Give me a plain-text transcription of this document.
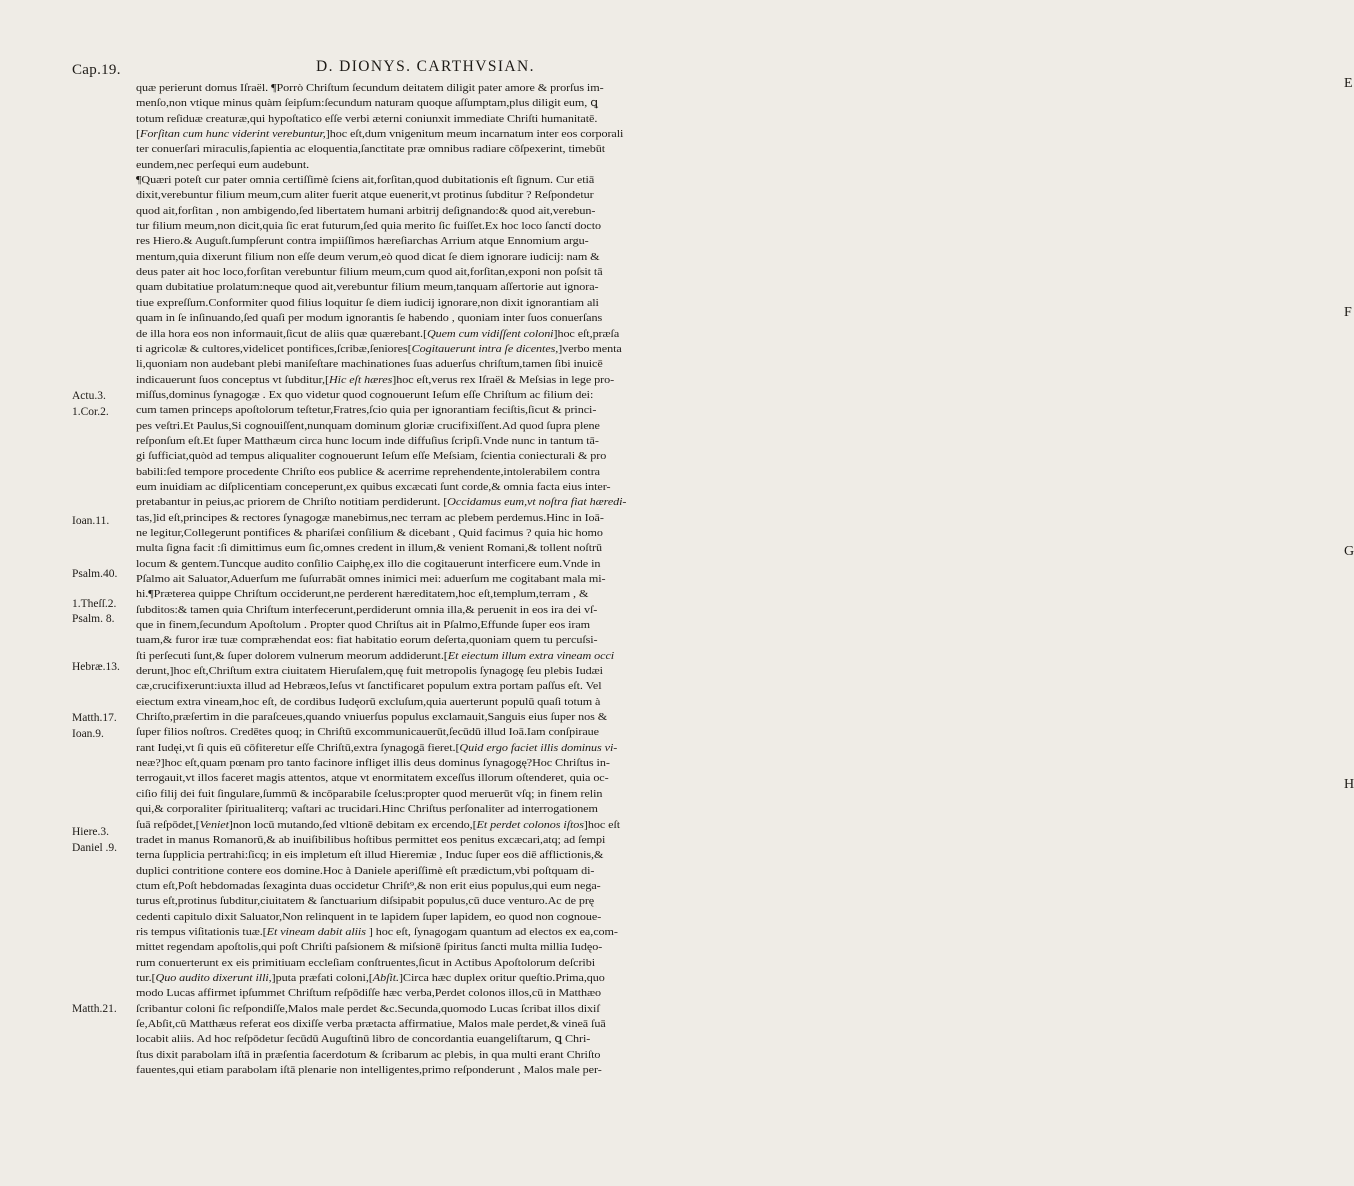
Cap.19.	D. DIONYS. CARTHVSIAN.
quæ perierunt domus Iſraël. ¶Porrò Chriſtum ſecundum deitatem diligit pater amore & prorſus im-
menſo,non vtique minus quàm ſeipſum:ſecundum naturam quoque aſſumptam,plus diligit eum, ꝗ
totum reſiduæ creaturæ,qui hypoſtatico eſſe verbi æterni coniunxit immediate Chriſti humanitatē.
[Forſitan cum hunc viderint verebuntur,]hoc eſt,dum vnigenitum meum incarnatum inter eos corporali
ter conuerſari miraculis,ſapientia ac eloquentia,ſanctitate præ omnibus radiare cōſpexerint, timebūt
eundem,nec perſequi eum audebunt.
¶Quæri poteſt cur pater omnia certiſſimè ſciens ait,forſitan,quod dubitationis eſt ſignum. Cur etiā
dixit,verebuntur filium meum,cum aliter fuerit atque euenerit,vt protinus ſubditur ? Reſpondetur
quod ait,forſitan , non ambigendo,ſed libertatem humani arbitrij deſignando:& quod ait,verebun-
tur filium meum,non dicit,quia ſic erat futurum,ſed quia merito ſic fuiſſet.Ex hoc loco ſanctí docto
res Hiero.& Auguſt.ſumpſerunt contra impiiſſimos hæreſiarchas Arrium atque Ennomium argu-
mentum,quia dixerunt filium non eſſe deum verum,eò quod dicat ſe diem ignorare iudicij: nam &
deus pater ait hoc loco,forſitan verebuntur filium meum,cum quod ait,forſitan,exponi non poſsit tā
quam dubitatiue prolatum:neque quod ait,verebuntur filium meum,tanquam aſſertorie aut ignora-
tiue expreſſum.Conformiter quod filius loquitur ſe diem iudicij ignorare,non dixit ignorantiam ali
quam in ſe inſinuando,ſed quaſi per modum ignorantis ſe habendo , quoniam inter ſuos conuerſans
de illa hora eos non informauit,ſicut de aliis quæ quærebant.[Quem cum vidiſſent coloni]hoc eſt,præſa
ti agricolæ & cultores,videlicet pontifices,ſcribæ,ſeniores[Cogitauerunt intra ſe dicentes,]verbo menta
li,quoniam non audebant plebi maniſeſtare machinationes ſuas aduerſus chriſtum,tamen ſibi inuicē
indicauerunt ſuos conceptus vt ſubditur,[Hic eſt hæres]hoc eſt,verus rex Iſraël & Meſsias in lege pro-
miſſus,dominus ſynagogæ . Ex quo videtur quod cognouerunt Ieſum eſſe Chriſtum ac filium dei:
cum tamen princeps apoſtolorum teſtetur,Fratres,ſcio quia per ignorantiam feciſtis,ſicut & princi-
pes veſtri.Et Paulus,Si cognouiſſent,nunquam dominum gloriæ crucifixiſſent.Ad quod ſupra plene
reſponſum eſt.Et ſuper Matthæum circa hunc locum inde diffuſius ſcripſi.Vnde nunc in tantum tā-
gi ſufficiat,quòd ad tempus aliqualiter cognouerunt Ieſum eſſe Meſsiam, ſcientia coniecturali & pro
babili:ſed tempore procedente Chriſto eos publice & acerrime reprehendente,intolerabilem contra
eum inuidiam ac diſplicentiam conceperunt,ex quibus excæcati ſunt corde,& omnia facta eius inter-
pretabantur in peius,ac priorem de Chriſto notitiam perdiderunt. [Occidamus eum,vt noſtra fiat hæredi-
tas,]id eſt,principes & rectores ſynagogæ manebimus,nec terram ac plebem perdemus.Hinc in Ioā-
ne legitur,Collegerunt pontifices & phariſæi conſilium & dicebant , Quid facimus ? quia hic homo
multa ſigna facit :ſi dimittimus eum ſic,omnes credent in illum,& venient Romani,& tollent noſtrū
locum & gentem.Tuncque audito conſilio Caiphę,ex illo die cogitauerunt interficere eum.Vnde in
Pſalmo ait Saluator,Aduerſum me ſuſurrabāt omnes inimici mei: aduerſum me cogitabant mala mi-
hi.¶Præterea quippe Chriſtum occiderunt,ne perderent hæreditatem,hoc eſt,templum,terram , &
ſubditos:& tamen quia Chriſtum interfecerunt,perdiderunt omnia illa,& peruenit in eos ira dei vſ-
que in finem,ſecundum Apoſtolum . Propter quod Chriſtus ait in Pſalmo,Effunde ſuper eos iram
tuam,& furor iræ tuæ compræhendat eos: fiat habitatio eorum deſerta,quoniam quem tu percuſsi-
ſti perſecuti ſunt,& ſuper dolorem vulnerum meorum addiderunt.[Et eiectum illum extra vineam occi
derunt,]hoc eſt,Chriſtum extra ciuitatem Hieruſalem,quę fuit metropolis ſynagogę ſeu plebis Iudæi
cæ,crucifixerunt:iuxta illud ad Hebræos,Ieſus vt ſanctificaret populum extra portam paſſus eſt. Vel
eiectum extra vineam,hoc eſt, de cordibus Iudęorū excluſum,quia auerterunt populū quaſi totum à
Chriſto,præſertim in die paraſceues,quando vniuerſus populus exclamauit,Sanguis eius ſuper nos &
ſuper filios noſtros. Credētes quoq; in Chriſtū excommunicauerūt,ſecūdū illud Ioā.Iam conſpiraue
rant Iudęi,vt ſi quis eū cōfiteretur eſſe Chriſtū,extra ſynagogā fieret.[Quid ergo faciet illis dominus vi-
neæ?]hoc eſt,quam pœnam pro tanto facinore infliget illis deus dominus ſynagogę?Hoc Chriſtus in-
terrogauit,vt illos faceret magis attentos, atque vt enormitatem exceſſus illorum oſtenderet, quia oc-
ciſio filij dei fuit ſingulare,ſummū & incōparabile ſcelus:propter quod meruerūt vſq; in finem relin
qui,& corporaliter ſpiritualiterq; vaſtari ac trucidari.Hinc Chriſtus perſonaliter ad interrogationem
ſuā reſpōdet,[Veniet]non locū mutando,ſed vltionē debitam ex ercendo,[Et perdet colonos iſtos]hoc eſt
tradet in manus Romanorū,& ab inuiſibilibus hoſtibus permittet eos penitus excæcari,atq; ad ſempi
terna ſupplicia pertrahi:ſicq; in eis impletum eſt illud Hieremiæ , Induc ſuper eos diē afflictionis,&
duplici contritione contere eos domine.Hoc à Daniele aperiſſimè eſt prædictum,vbi poſtquam di-
ctum eſt,Poſt hebdomadas ſexaginta duas occidetur Chriſt⁹,& non erit eius populus,qui eum nega-
turus eſt,protinus ſubditur,ciuitatem & ſanctuarium diſsipabit populus,cū duce venturo.Ac de prę
cedenti capitulo dixit Saluator,Non relinquent in te lapidem ſuper lapidem, eo quod non cognoue-
ris tempus viſitationis tuæ.[Et vineam dabit aliis ] hoc eſt, ſynagogam quantum ad electos ex ea,com-
mittet regendam apoſtolis,qui poſt Chriſti paſsionem & miſsionē ſpiritus ſancti multa millia Iudęo-
rum conuerterunt ex eis primitiuam eccleſiam conſtruentes,ſicut in Actibus Apoſtolorum deſcribi
tur.[Quo audito dixerunt illi,]puta præfati coloni,[Abſit.]Circa hæc duplex oritur queſtio.Prima,quo
modo Lucas affirmet ipſummet Chriſtum reſpōdiſſe hæc verba,Perdet colonos illos,cū in Matthæo
ſcribantur coloni ſic reſpondiſſe,Malos male perdet &c.Secunda,quomodo Lucas ſcribat illos dixiſ
ſe,Abſit,cū Matthæus referat eos dixiſſe verba prætacta affirmatiue, Malos male perdet,& vineā ſuā
locabit aliis. Ad hoc reſpōdetur ſecūdū Auguſtinū libro de concordantia euangeliſtarum, ꝗ Chri-
ſtus dixit parabolam iſtā in præſentia ſacerdotum & ſcribarum ac plebis, in qua multi erant Chriſto
fauentes,qui etiam parabolam iſtā plenarie non intelligentes,primo reſponderunt , Malos male per-
Actu.3.
1.Cor.2.
Ioan.11.
Psalm.40.
1.Theſſ.2.
Psalm. 8.
Hebræ.13.
Matth.17.
Ioan.9.
Hiere.3.
Daniel .9.
Matth.21.
E
F
G
H
